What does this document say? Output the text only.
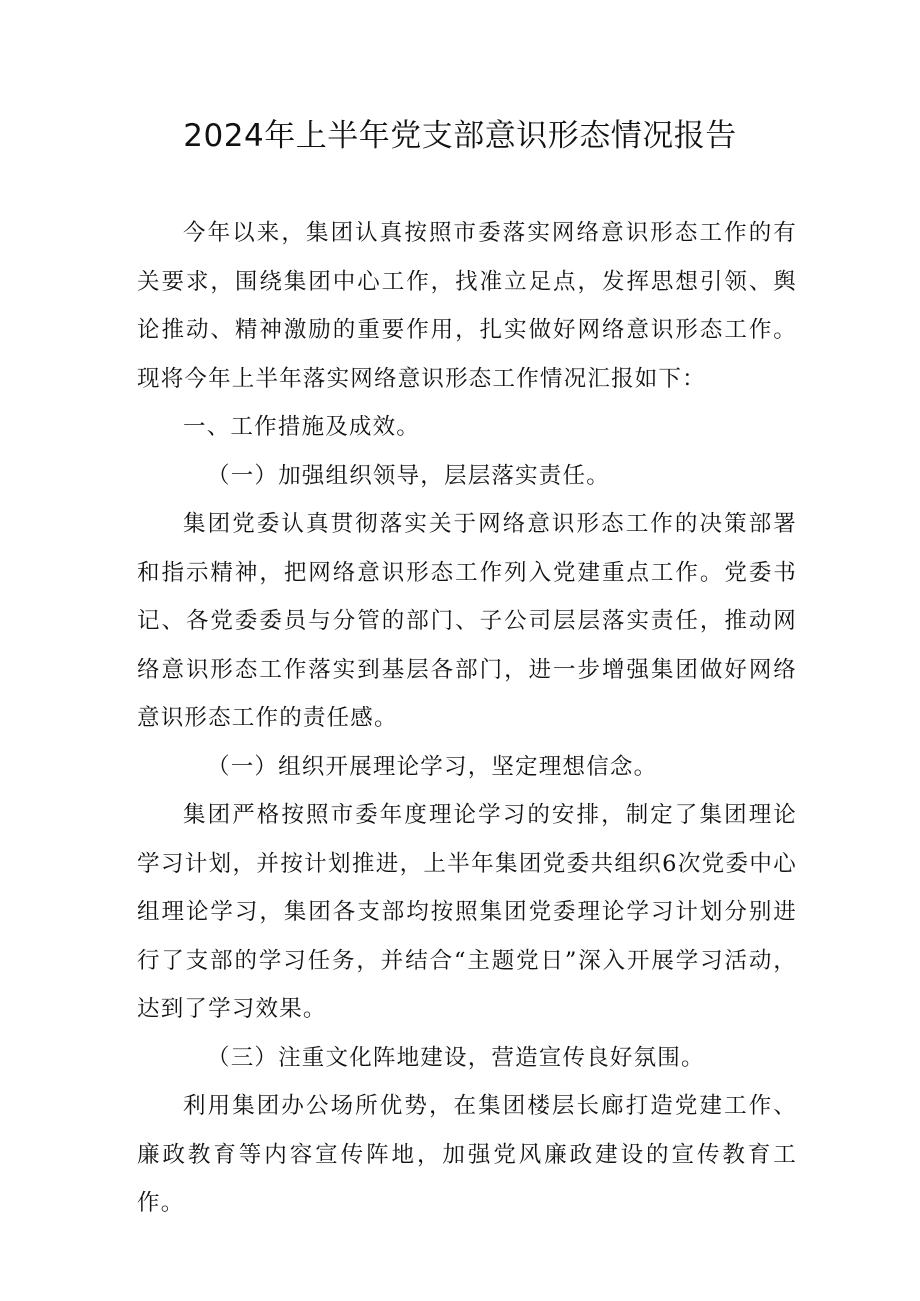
2024年上半年党支部意识形态情况报告

今年以来，集团认真按照市委落实网络意识形态工作的有关要求，围绕集团中心工作，找准立足点，发挥思想引领、舆论推动、精神激励的重要作用，扎实做好网络意识形态工作。现将今年上半年落实网络意识形态工作情况汇报如下：

一、工作措施及成效。

（一）加强组织领导，层层落实责任。

集团党委认真贯彻落实关于网络意识形态工作的决策部署和指示精神，把网络意识形态工作列入党建重点工作。党委书记、各党委委员与分管的部门、子公司层层落实责任，推动网络意识形态工作落实到基层各部门，进一步增强集团做好网络意识形态工作的责任感。

（一）组织开展理论学习，坚定理想信念。

集团严格按照市委年度理论学习的安排，制定了集团理论学习计划，并按计划推进，上半年集团党委共组织6次党委中心组理论学习，集团各支部均按照集团党委理论学习计划分别进行了支部的学习任务，并结合“主题党日”深入开展学习活动，达到了学习效果。

（三）注重文化阵地建设，营造宣传良好氛围。

利用集团办公场所优势，在集团楼层长廊打造党建工作、廉政教育等内容宣传阵地，加强党风廉政建设的宣传教育工作。
